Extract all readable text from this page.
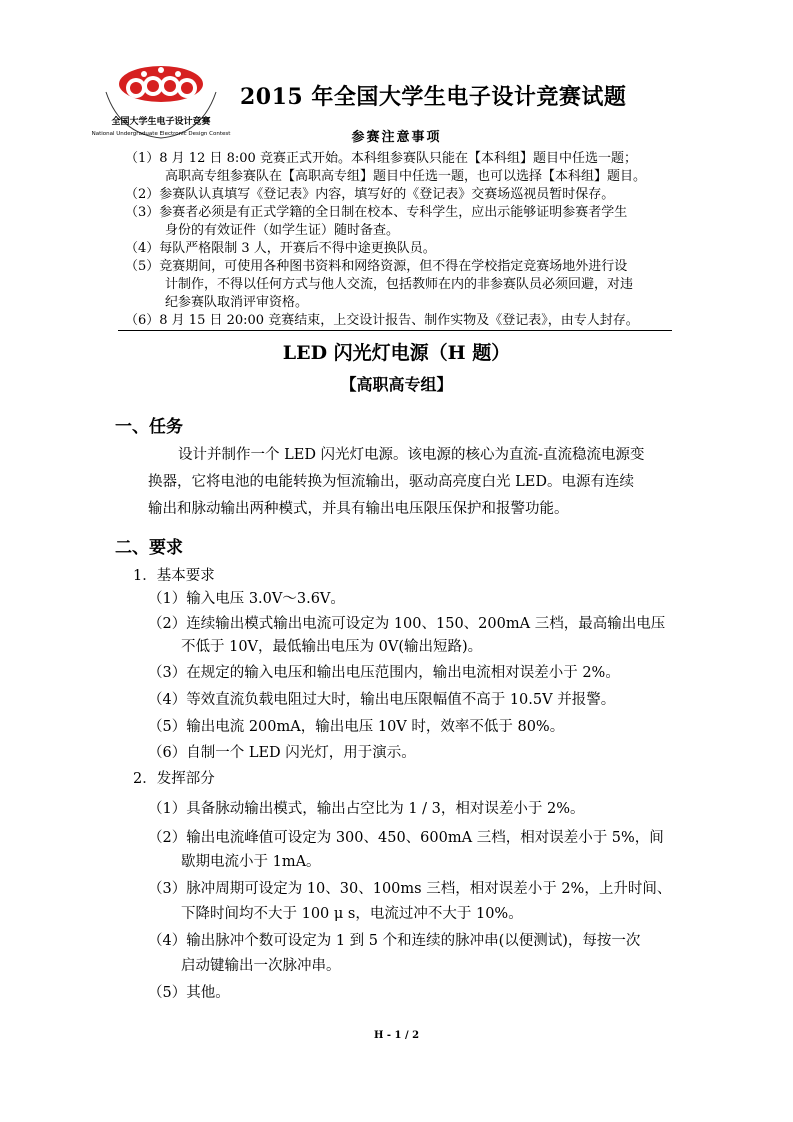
全国大学生电子设计竞赛
National Undergraduate Electronic Design Contest
2015 年全国大学生电子设计竞赛试题
参赛注意事项
（1）8 月 12 日 8:00 竞赛正式开始。本科组参赛队只能在【本科组】题目中任选一题；
高职高专组参赛队在【高职高专组】题目中任选一题，也可以选择【本科组】题目。
（2）参赛队认真填写《登记表》内容，填写好的《登记表》交赛场巡视员暂时保存。
（3）参赛者必须是有正式学籍的全日制在校本、专科学生，应出示能够证明参赛者学生
身份的有效证件（如学生证）随时备查。
（4）每队严格限制 3 人，开赛后不得中途更换队员。
（5）竞赛期间，可使用各种图书资料和网络资源，但不得在学校指定竞赛场地外进行设
计制作，不得以任何方式与他人交流，包括教师在内的非参赛队员必须回避，对违
纪参赛队取消评审资格。
（6）8 月 15 日 20:00 竞赛结束，上交设计报告、制作实物及《登记表》，由专人封存。
LED 闪光灯电源（H 题）
【高职高专组】
一、任务
设计并制作一个 LED 闪光灯电源。该电源的核心为直流-直流稳流电源变
换器，它将电池的电能转换为恒流输出，驱动高亮度白光 LED。电源有连续
输出和脉动输出两种模式，并具有输出电压限压保护和报警功能。
二、要求
1．基本要求
（1）输入电压 3.0V～3.6V。
（2）连续输出模式输出电流可设定为 100、150、200mA 三档，最高输出电压
不低于 10V，最低输出电压为 0V(输出短路)。
（3）在规定的输入电压和输出电压范围内，输出电流相对误差小于 2%。
（4）等效直流负载电阻过大时，输出电压限幅值不高于 10.5V 并报警。
（5）输出电流 200mA，输出电压 10V 时，效率不低于 80%。
（6）自制一个 LED 闪光灯，用于演示。
2．发挥部分
（1）具备脉动输出模式，输出占空比为 1 / 3，相对误差小于 2%。
（2）输出电流峰值可设定为 300、450、600mA 三档，相对误差小于 5%，间
歇期电流小于 1mA。
（3）脉冲周期可设定为 10、30、100ms 三档，相对误差小于 2%，上升时间、
下降时间均不大于 100 μ s，电流过冲不大于 10%。
（4）输出脉冲个数可设定为 1 到 5 个和连续的脉冲串(以便测试)，每按一次
启动键输出一次脉冲串。
（5）其他。
H - 1 / 2
